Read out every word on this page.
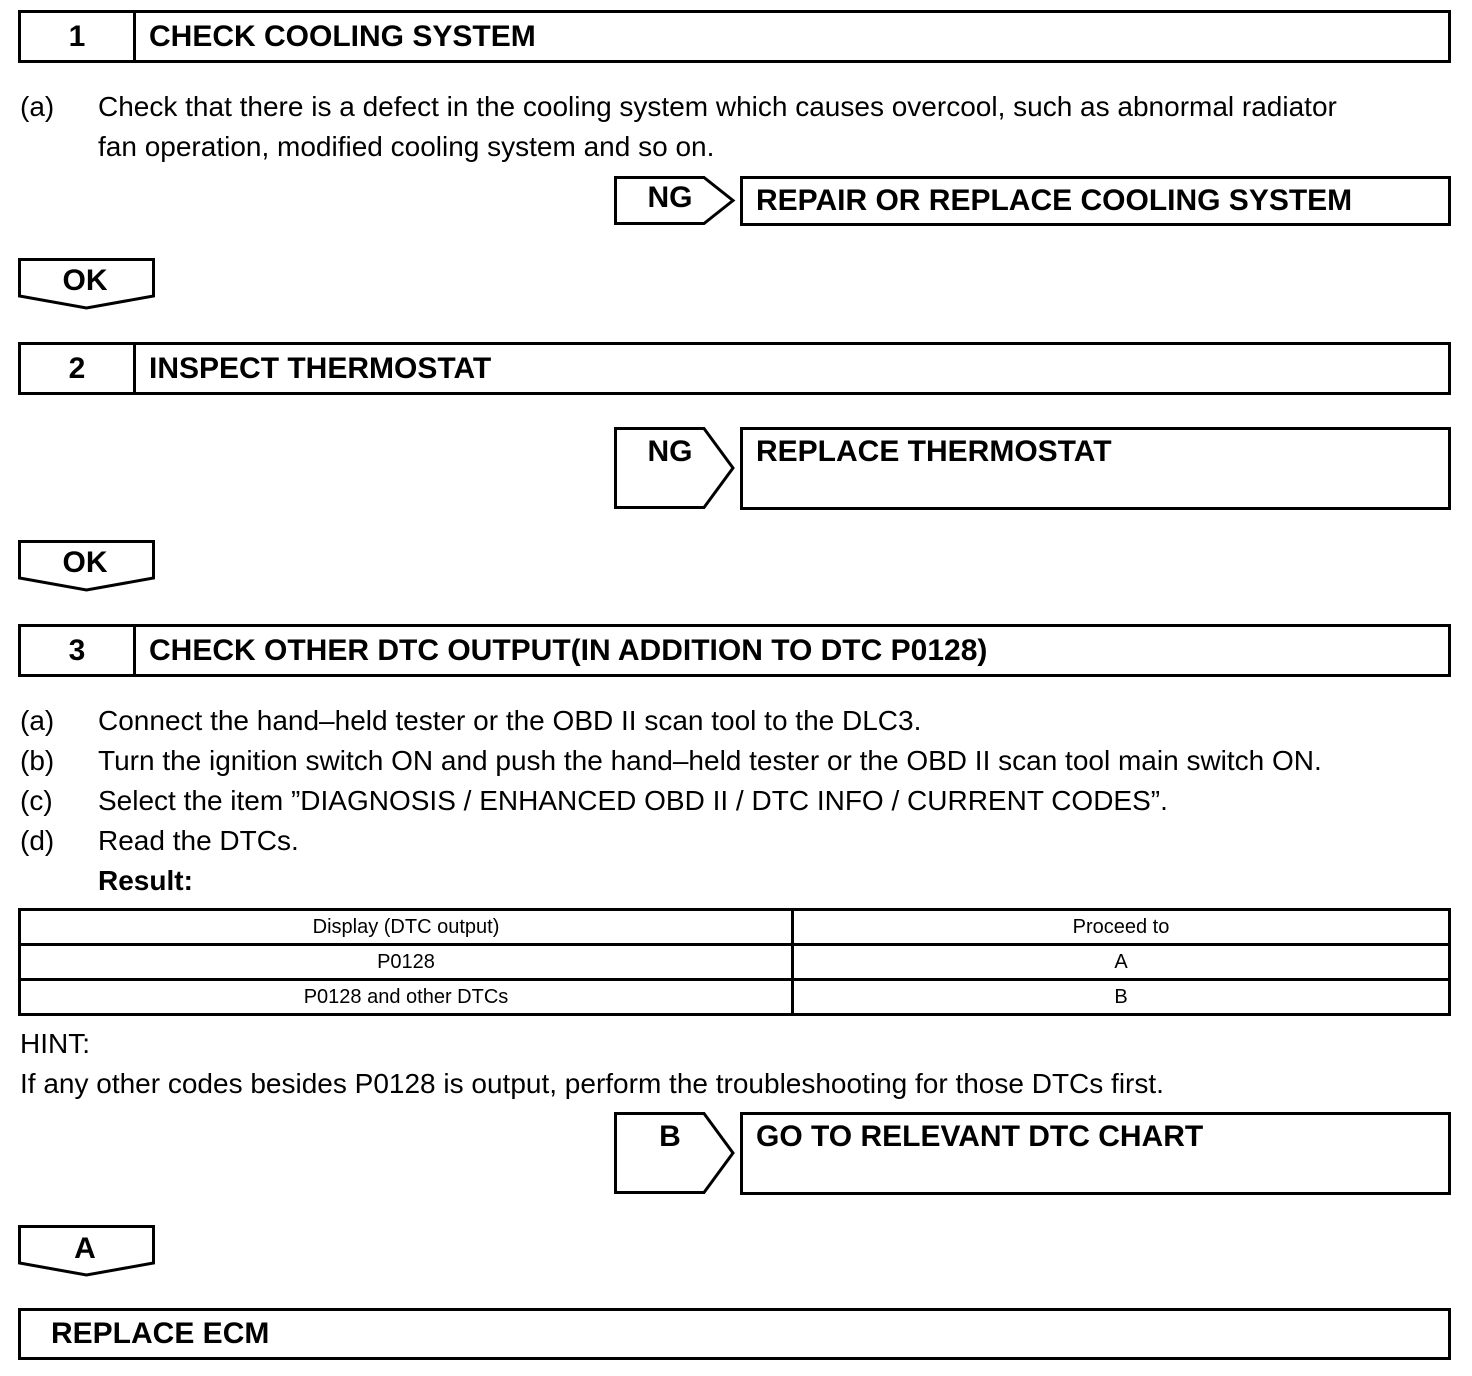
1	CHECK COOLING SYSTEM
(a) Check that there is a defect in the cooling system which causes overcool, such as abnormal radiator
fan operation, modified cooling system and so on.
NG	REPAIR OR REPLACE COOLING SYSTEM
OK
2	INSPECT THERMOSTAT
NG	REPLACE THERMOSTAT
OK
3	CHECK OTHER DTC OUTPUT(IN ADDITION TO DTC P0128)
(a) Connect the hand–held tester or the OBD II scan tool to the DLC3.
(b) Turn the ignition switch ON and push the hand–held tester or the OBD II scan tool main switch ON.
(c) Select the item ”DIAGNOSIS / ENHANCED OBD II / DTC INFO / CURRENT CODES”.
(d) Read the DTCs.
Result:
Display (DTC output)	Proceed to
P0128	A
P0128 and other DTCs	B
HINT:
If any other codes besides P0128 is output, perform the troubleshooting for those DTCs first.
B	GO TO RELEVANT DTC CHART
A
REPLACE ECM
